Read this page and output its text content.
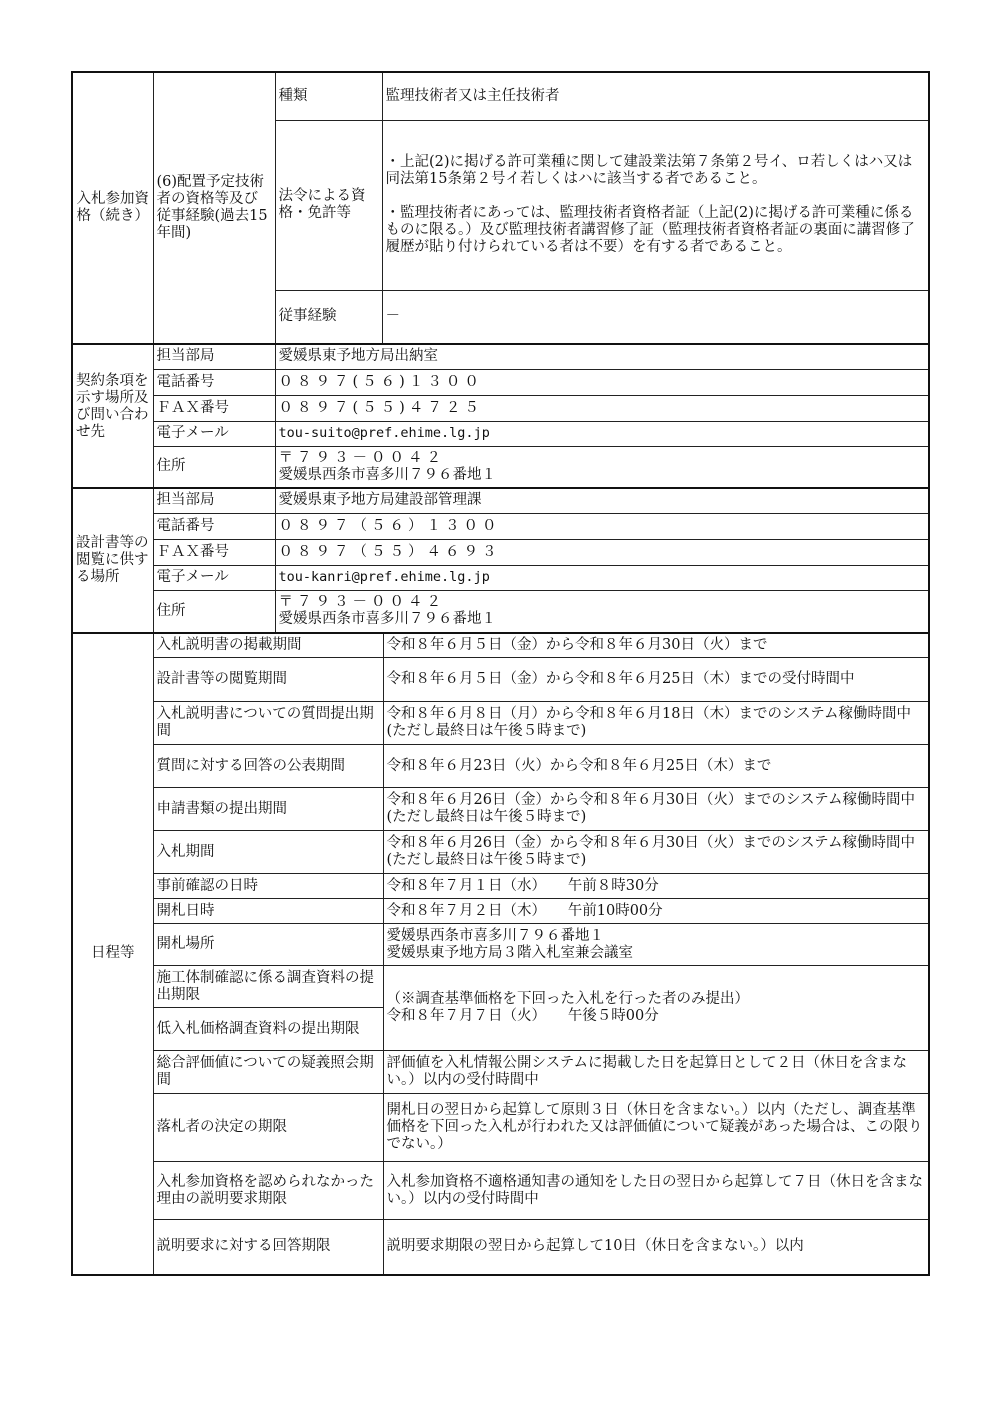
入札参加資格（続き）	(6)配置予定技術者の資格等及び従事経験(過去15年間)	種類	監理技術者又は主任技術者
		法令による資格・免許等	・上記(2)に掲げる許可業種に関して建設業法第７条第２号イ、ロ若しくはハ又は同法第15条第２号イ若しくはハに該当する者であること。
・監理技術者にあっては、監理技術者資格者証（上記(2)に掲げる許可業種に係るものに限る。）及び監理技術者講習修了証（監理技術者資格者証の裏面に講習修了履歴が貼り付けられている者は不要）を有する者であること。

		従事経験	－
契約条項を示す場所及び問い合わせ先	担当部局	愛媛県東予地方局出納室	
	電話番号	０８９７(５６)１３００	
	ＦＡＸ番号	０８９７(５５)４７２５	
	電子メール	tou-suito@pref.ehime.lg.jp	
	住所	〒７９３－００４２
愛媛県西条市喜多川７９６番地１	

設計書等の閲覧に供する場所	担当部局	愛媛県東予地方局建設部管理課	
	電話番号	０８９７（５６）１３００	
	ＦＡＸ番号	０８９７（５５）４６９３	
	電子メール	tou-kanri@pref.ehime.lg.jp	
	住所	〒７９３－００４２
愛媛県西条市喜多川７９６番地１	
日程等	入札説明書の掲載期間	令和８年６月５日（金）から令和８年６月30日（火）まで
	設計書等の閲覧期間	令和８年６月５日（金）から令和８年６月25日（木）までの受付時間中
	入札説明書についての質問提出期間	令和８年６月８日（月）から令和８年６月18日（木）までのシステム稼働時間中(ただし最終日は午後５時まで)
	質問に対する回答の公表期間	令和８年６月23日（火）から令和８年６月25日（木）まで
	申請書類の提出期間	令和８年６月26日（金）から令和８年６月30日（火）までのシステム稼働時間中(ただし最終日は午後５時まで)
	入札期間	令和８年６月26日（金）から令和８年６月30日（火）までのシステム稼働時間中(ただし最終日は午後５時まで)
	事前確認の日時	令和８年７月１日（水）　　午前８時30分
	開札日時	令和８年７月２日（木）　　午前10時00分
	開札場所	愛媛県西条市喜多川７９６番地１
愛媛県東予地方局３階入札室兼会議室

	施工体制確認に係る調査資料の提出期限	（※調査基準価格を下回った入札を行った者のみ提出）
令和８年７月７日（火）　　午後５時00分

	低入札価格調査資料の提出期限	
	総合評価値についての疑義照会期間	評価値を入札情報公開システムに掲載した日を起算日として２日（休日を含まない。）以内の受付時間中
	落札者の決定の期限	開札日の翌日から起算して原則３日（休日を含まない。）以内（ただし、調査基準価格を下回った入札が行われた又は評価値について疑義があった場合は、この限りでない。）
	入札参加資格を認められなかった理由の説明要求期限	入札参加資格不適格通知書の通知をした日の翌日から起算して７日（休日を含まない。）以内の受付時間中
	説明要求に対する回答期限	説明要求期限の翌日から起算して10日（休日を含まない。）以内
